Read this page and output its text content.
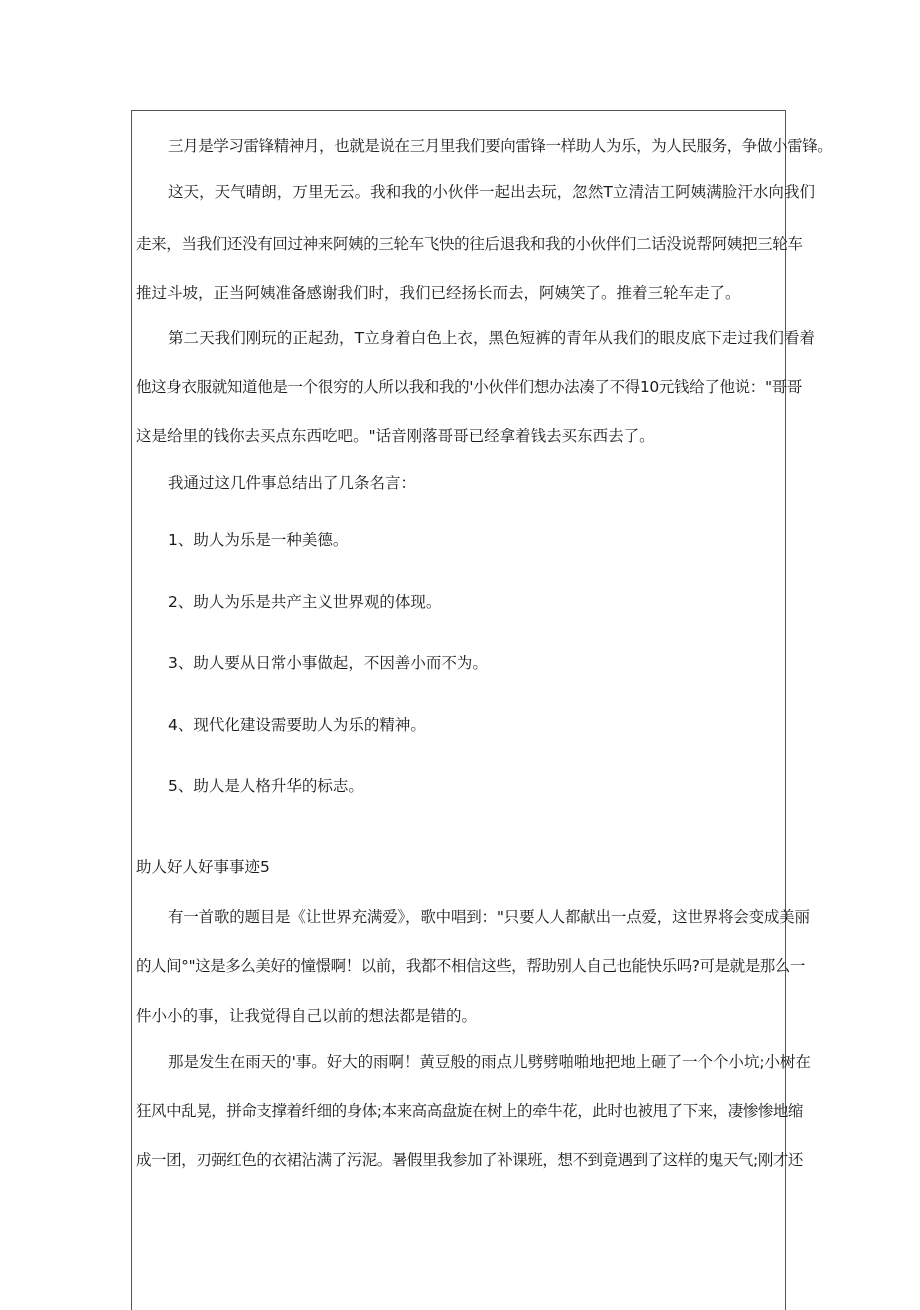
三月是学习雷锋精神月，也就是说在三月里我们要向雷锋一样助人为乐，为人民服务，争做小雷锋。
这天，天气晴朗，万里无云。我和我的小伙伴一起出去玩，忽然T立清洁工阿姨满脸汗水向我们
走来，当我们还没有回过神来阿姨的三轮车飞快的往后退我和我的小伙伴们二话没说帮阿姨把三轮车
推过斗坡，正当阿姨准备感谢我们时，我们已经扬长而去，阿姨笑了。推着三轮车走了。
第二天我们刚玩的正起劲，T立身着白色上衣，黑色短裤的青年从我们的眼皮底下走过我们看着
他这身衣服就知道他是一个很穷的人所以我和我的'小伙伴们想办法凑了不得10元钱给了他说："哥哥
这是给里的钱你去买点东西吃吧。"话音刚落哥哥已经拿着钱去买东西去了。
我通过这几件事总结出了几条名言：
1、助人为乐是一种美德。
2、助人为乐是共产主义世界观的体现。
3、助人要从日常小事做起，不因善小而不为。
4、现代化建设需要助人为乐的精神。
5、助人是人格升华的标志。
助人好人好事事迹5
有一首歌的题目是《让世界充满爱》，歌中唱到："只要人人都献出一点爱，这世界将会变成美丽
的人间°"这是多么美好的憧憬啊！以前，我都不相信这些，帮助别人自己也能快乐吗?可是就是那么一
件小小的事，让我觉得自己以前的想法都是错的。
那是发生在雨天的'事。好大的雨啊！黄豆般的雨点儿劈劈啪啪地把地上砸了一个个小坑;小树在
狂风中乱晃，拼命支撑着纤细的身体;本来高高盘旋在树上的牵牛花，此时也被甩了下来，凄惨惨地缩
成一团，刃弼红色的衣裙沾满了污泥。暑假里我参加了补课班，想不到竟遇到了这样的鬼天气;刚才还
